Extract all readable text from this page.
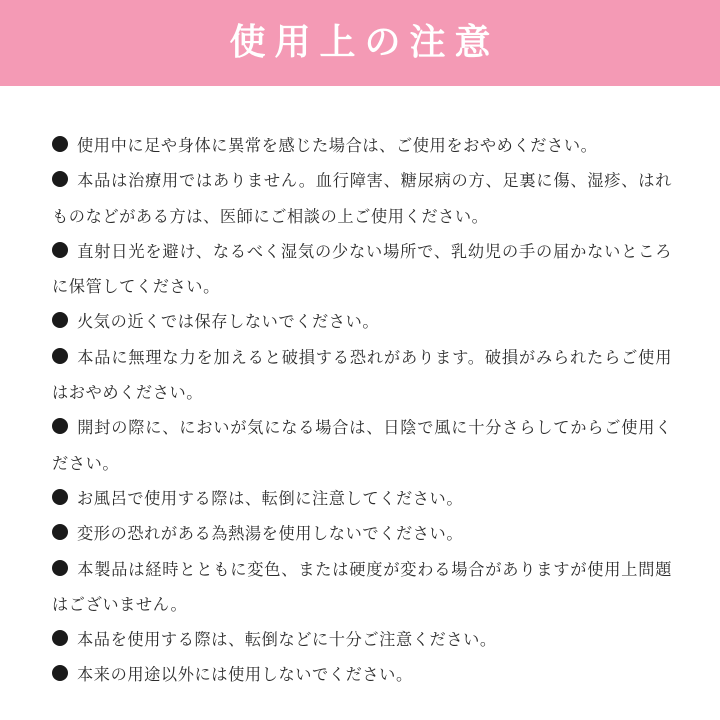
使用上の注意
使用中に足や身体に異常を感じた場合は、ご使用をおやめください。
本品は治療用ではありません。血行障害、糖尿病の方、足裏に傷、湿疹、はれものなどがある方は、医師にご相談の上ご使用ください。
直射日光を避け、なるべく湿気の少ない場所で、乳幼児の手の届かないところに保管してください。
火気の近くでは保存しないでください。
本品に無理な力を加えると破損する恐れがあります。破損がみられたらご使用はおやめください。
開封の際に、においが気になる場合は、日陰で風に十分さらしてからご使用ください。
お風呂で使用する際は、転倒に注意してください。
変形の恐れがある為熱湯を使用しないでください。
本製品は経時とともに変色、または硬度が変わる場合がありますが使用上問題はございません。
本品を使用する際は、転倒などに十分ご注意ください。
本来の用途以外には使用しないでください。
